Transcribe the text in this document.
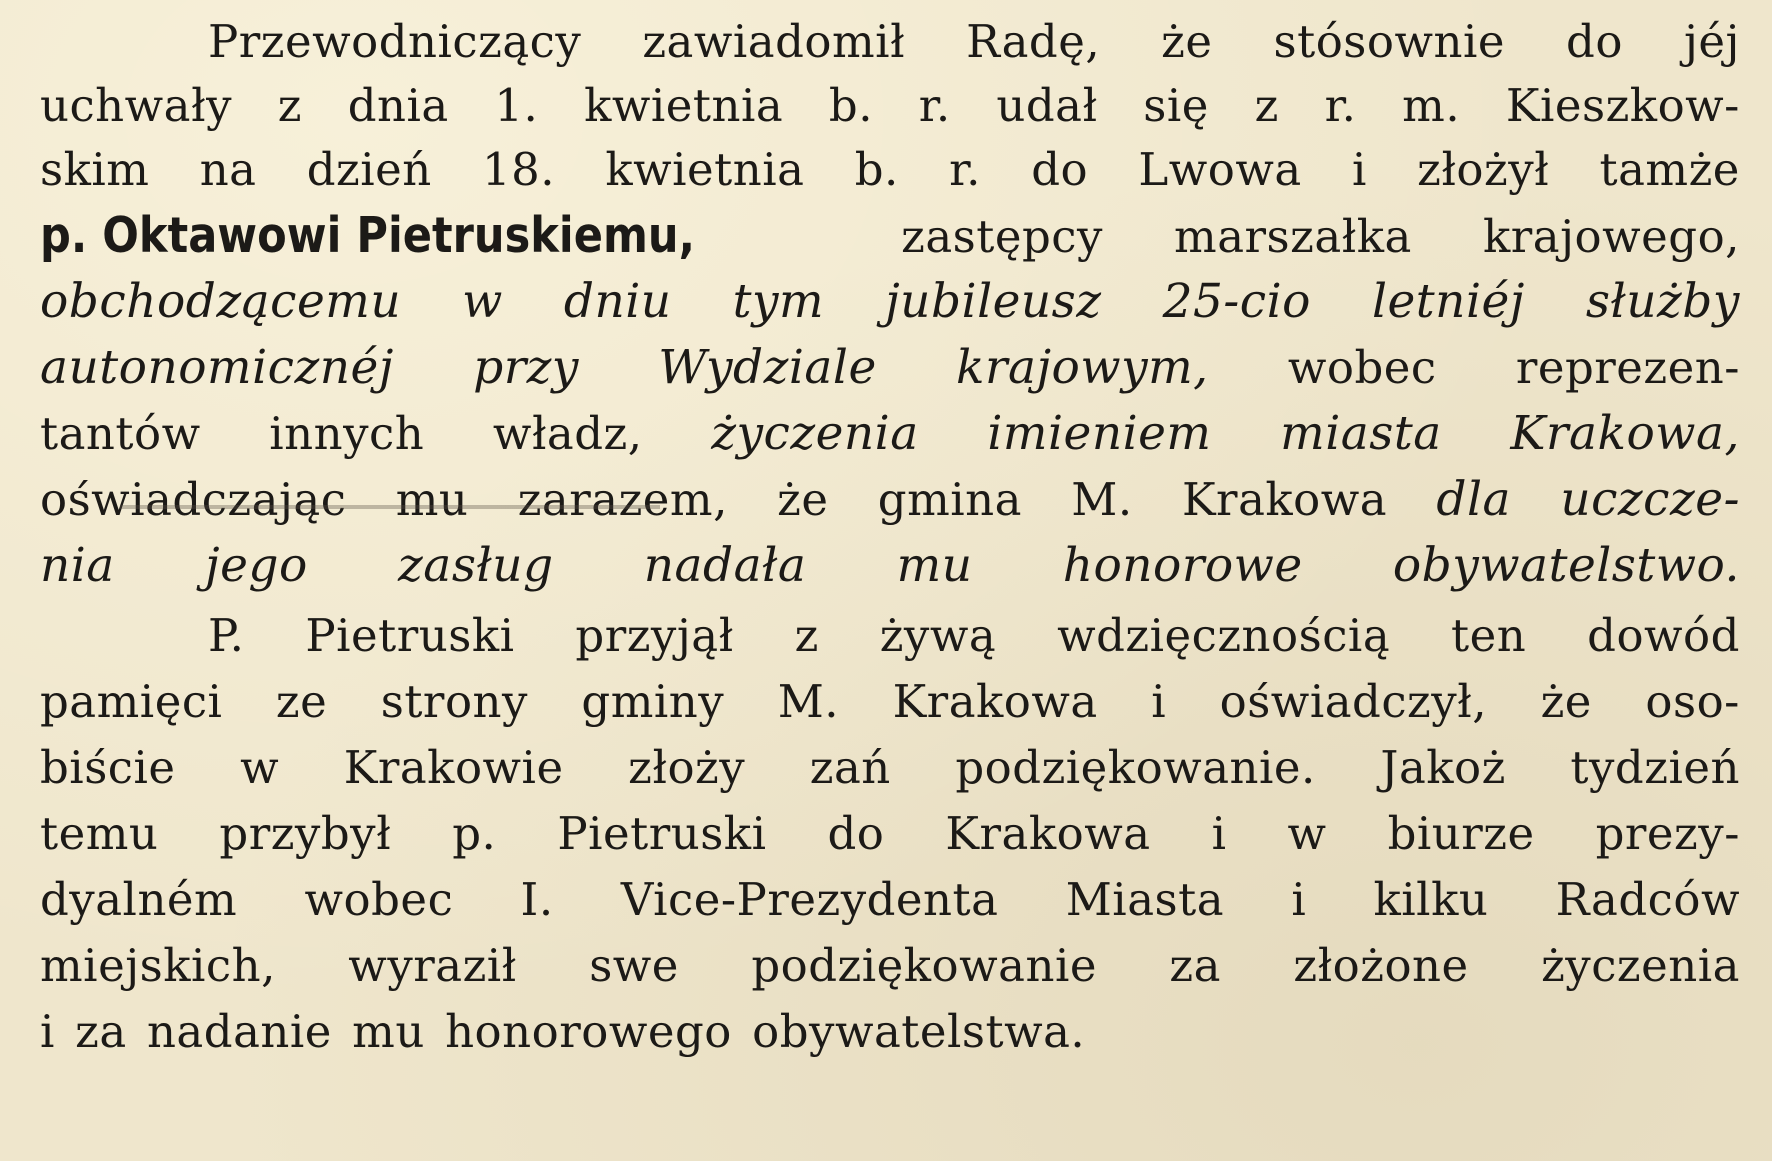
Przewodniczący zawiadomił Radę, że stósownie do jéj
uchwały z dnia 1. kwietnia b. r. udał się z r. m. Kieszkow-
skim na dzień 18. kwietnia b. r. do Lwowa i złożył tamże
p. Oktawowi Pietruskiemu,	zastępcy marszałka krajowego,
obchodzącemu w dniu tym jubileusz 25-cio letniéj służby
autonomicznéj przy Wydziale krajowym, wobec reprezen-
tantów innych władz, życzenia imieniem miasta Krakowa,
oświadczając mu zarazem, że gmina M. Krakowa dla uczcze-
nia jego zasług nadała mu honorowe obywatelstwo.
P. Pietruski przyjął z żywą wdzięcznością ten dowód
pamięci ze strony gminy M. Krakowa i oświadczył, że oso-
biście w Krakowie złoży zań podziękowanie. Jakoż tydzień
temu przybył p. Pietruski do Krakowa i w biurze prezy-
dyalném wobec I. Vice-Prezydenta Miasta i kilku Radców
miejskich, wyraził swe podziękowanie za złożone życzenia
i za nadanie mu honorowego obywatelstwa.
